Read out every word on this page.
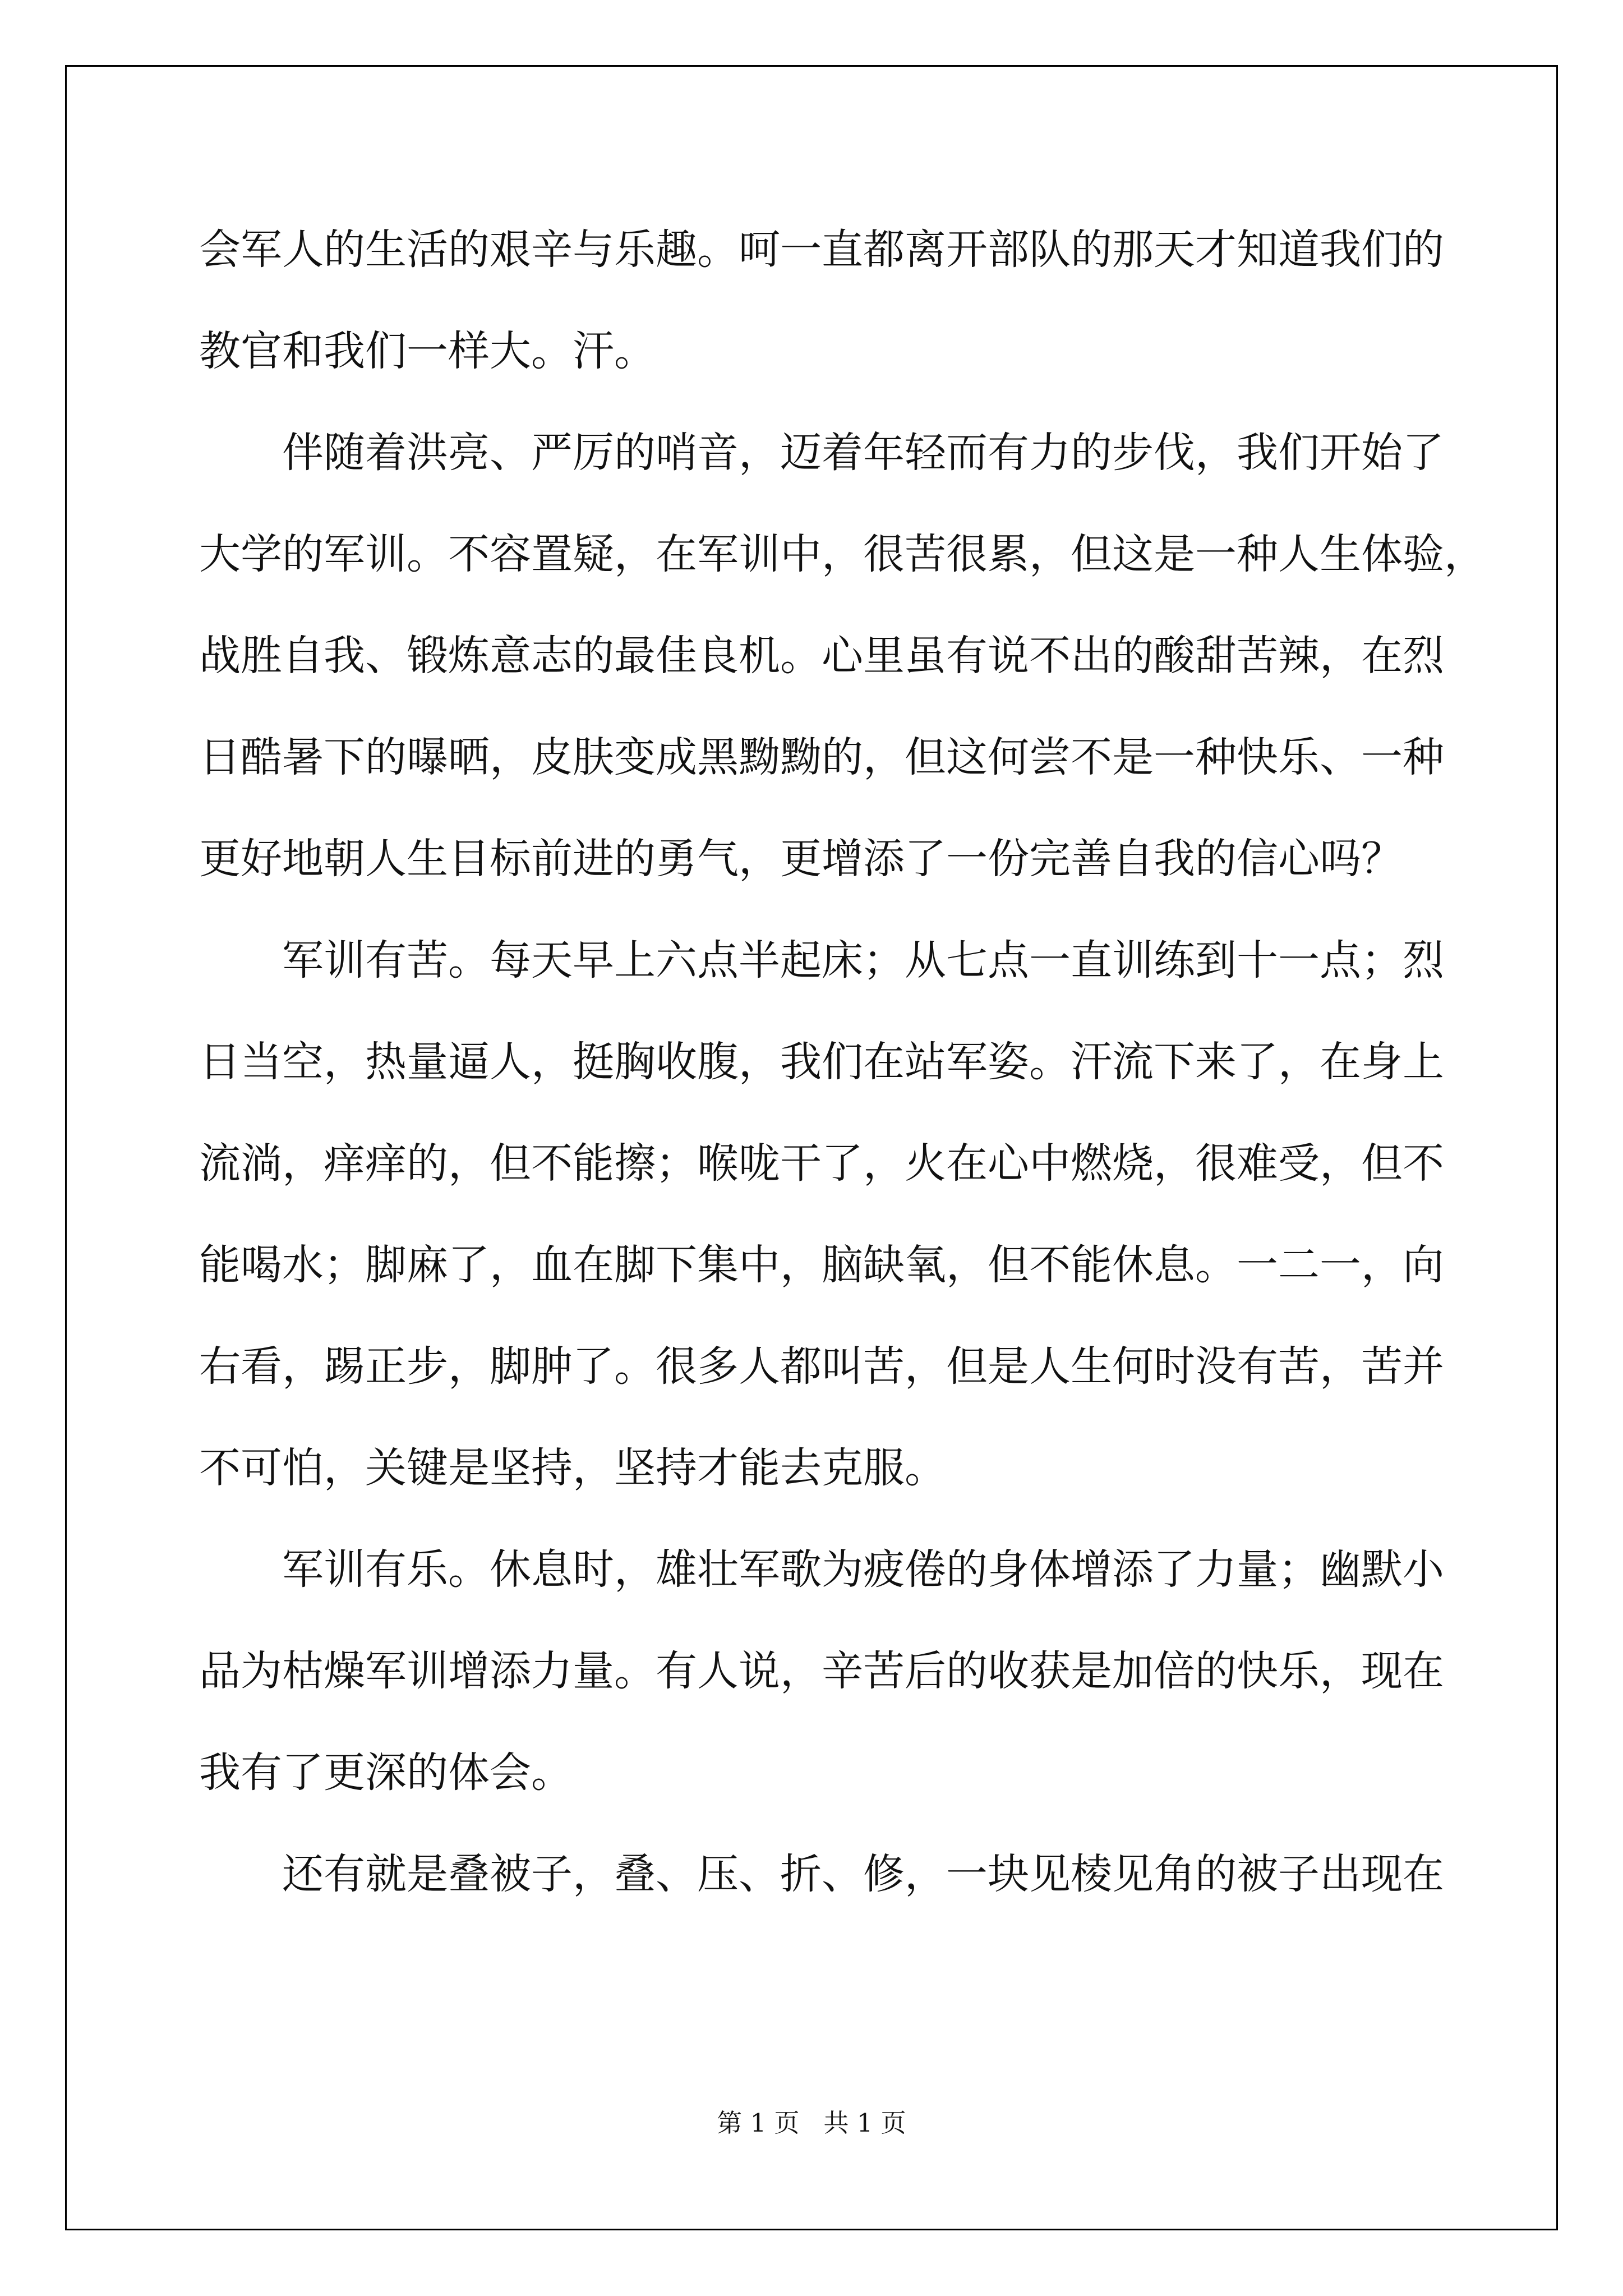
会军人的生活的艰辛与乐趣。呵一直都离开部队的那天才知道我们的
教官和我们一样大。汗。
　　伴随着洪亮、严厉的哨音，迈着年轻而有力的步伐，我们开始了
大学的军训。不容置疑，在军训中，很苦很累，但这是一种人生体验，
战胜自我、锻炼意志的最佳良机。心里虽有说不出的酸甜苦辣，在烈
日酷暑下的曝晒，皮肤变成黑黝黝的，但这何尝不是一种快乐、一种
更好地朝人生目标前进的勇气，更增添了一份完善自我的信心吗？
　　军训有苦。每天早上六点半起床；从七点一直训练到十一点；烈
日当空，热量逼人，挺胸收腹，我们在站军姿。汗流下来了，在身上
流淌，痒痒的，但不能擦；喉咙干了，火在心中燃烧，很难受，但不
能喝水；脚麻了，血在脚下集中，脑缺氧，但不能休息。一二一，向
右看，踢正步，脚肿了。很多人都叫苦，但是人生何时没有苦，苦并
不可怕，关键是坚持，坚持才能去克服。
　　军训有乐。休息时，雄壮军歌为疲倦的身体增添了力量；幽默小
品为枯燥军训增添力量。有人说，辛苦后的收获是加倍的快乐，现在
我有了更深的体会。
　　还有就是叠被子，叠、压、折、修，一块见棱见角的被子出现在
第 1 页   共 1 页
